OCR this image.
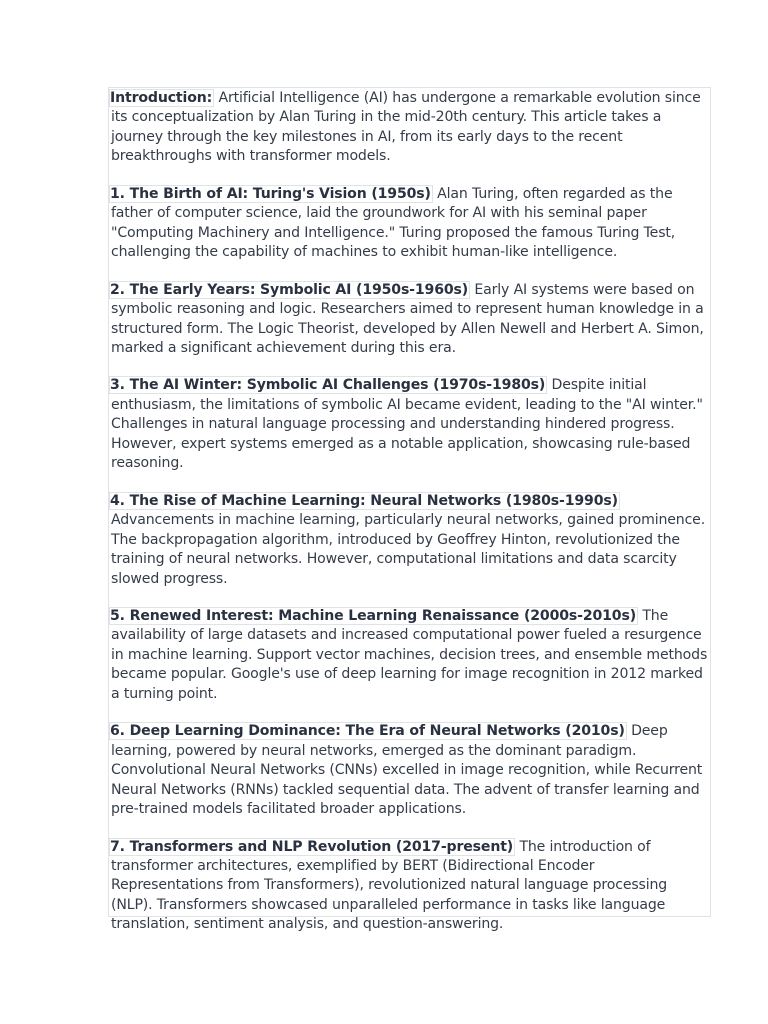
Introduction: Artificial Intelligence (AI) has undergone a remarkable evolution since its conceptualization by Alan Turing in the mid-20th century. This article takes a journey through the key milestones in AI, from its early days to the recent breakthroughs with transformer models.

1. The Birth of AI: Turing's Vision (1950s) Alan Turing, often regarded as the father of computer science, laid the groundwork for AI with his seminal paper "Computing Machinery and Intelligence." Turing proposed the famous Turing Test, challenging the capability of machines to exhibit human-like intelligence.

2. The Early Years: Symbolic AI (1950s-1960s) Early AI systems were based on symbolic reasoning and logic. Researchers aimed to represent human knowledge in a structured form. The Logic Theorist, developed by Allen Newell and Herbert A. Simon, marked a significant achievement during this era.

3. The AI Winter: Symbolic AI Challenges (1970s-1980s) Despite initial enthusiasm, the limitations of symbolic AI became evident, leading to the "AI winter." Challenges in natural language processing and understanding hindered progress. However, expert systems emerged as a notable application, showcasing rule-based reasoning.

4. The Rise of Machine Learning: Neural Networks (1980s-1990s) Advancements in machine learning, particularly neural networks, gained prominence. The backpropagation algorithm, introduced by Geoffrey Hinton, revolutionized the training of neural networks. However, computational limitations and data scarcity slowed progress.

5. Renewed Interest: Machine Learning Renaissance (2000s-2010s) The availability of large datasets and increased computational power fueled a resurgence in machine learning. Support vector machines, decision trees, and ensemble methods became popular. Google's use of deep learning for image recognition in 2012 marked a turning point.

6. Deep Learning Dominance: The Era of Neural Networks (2010s) Deep learning, powered by neural networks, emerged as the dominant paradigm. Convolutional Neural Networks (CNNs) excelled in image recognition, while Recurrent Neural Networks (RNNs) tackled sequential data. The advent of transfer learning and pre-trained models facilitated broader applications.

7. Transformers and NLP Revolution (2017-present) The introduction of transformer architectures, exemplified by BERT (Bidirectional Encoder Representations from Transformers), revolutionized natural language processing (NLP). Transformers showcased unparalleled performance in tasks like language translation, sentiment analysis, and question-answering.
